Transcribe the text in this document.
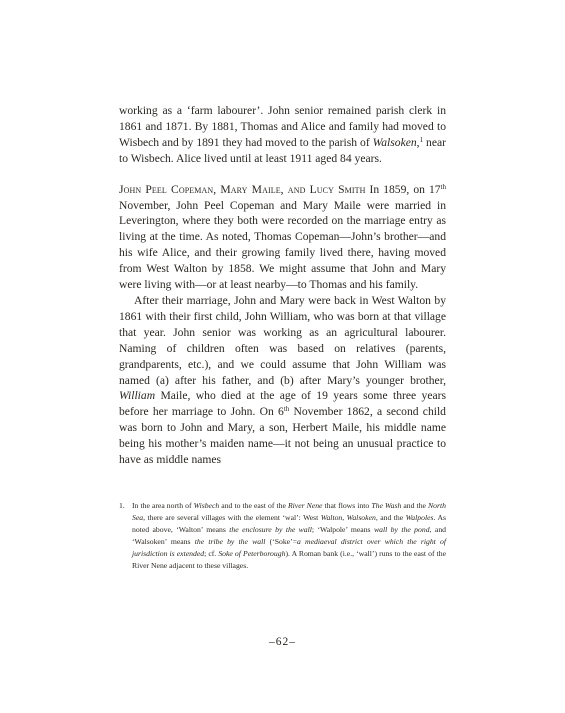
working as a ‘farm labourer’. John senior remained parish clerk in 1861 and 1871. By 1881, Thomas and Alice and family had moved to Wisbech and by 1891 they had moved to the parish of Walsoken,$^1$ near to Wisbech. Alice lived until at least 1911 aged 84 years.

John Peel Copeman, Mary Maile, and Lucy Smith In 1859, on 17th November, John Peel Copeman and Mary Maile were married in Leverington, where they both were recorded on the marriage entry as living at the time. As noted, Thomas Copeman—John’s brother—and his wife Alice, and their growing family lived there, having moved from West Walton by 1858. We might assume that John and Mary were living with—or at least nearby—to Thomas and his family.

After their marriage, John and Mary were back in West Walton by 1861 with their first child, John William, who was born at that village that year. John senior was working as an agricultural labourer. Naming of children often was based on relatives (parents, grandparents, etc.), and we could assume that John William was named (a) after his father, and (b) after Mary’s younger brother, William Maile, who died at the age of 19 years some three years before her marriage to John. On 6th November 1862, a second child was born to John and Mary, a son, Herbert Maile, his middle name being his mother’s maiden name—it not being an unusual practice to have as middle names

1. In the area north of Wisbech and to the east of the River Nene that flows into The Wash and the North Sea, there are several villages with the element ‘wal’: West Walton, Walsoken, and the Walpoles. As noted above, ‘Walton’ means the enclosure by the wall; ‘Walpole’ means wall by the pond, and ‘Walsoken’ means the tribe by the wall (‘Soke’=a mediaeval district over which the right of jurisdiction is extended; cf. Soke of Peterborough). A Roman bank (i.e., ‘wall’) runs to the east of the River Nene adjacent to these villages.
–62–
